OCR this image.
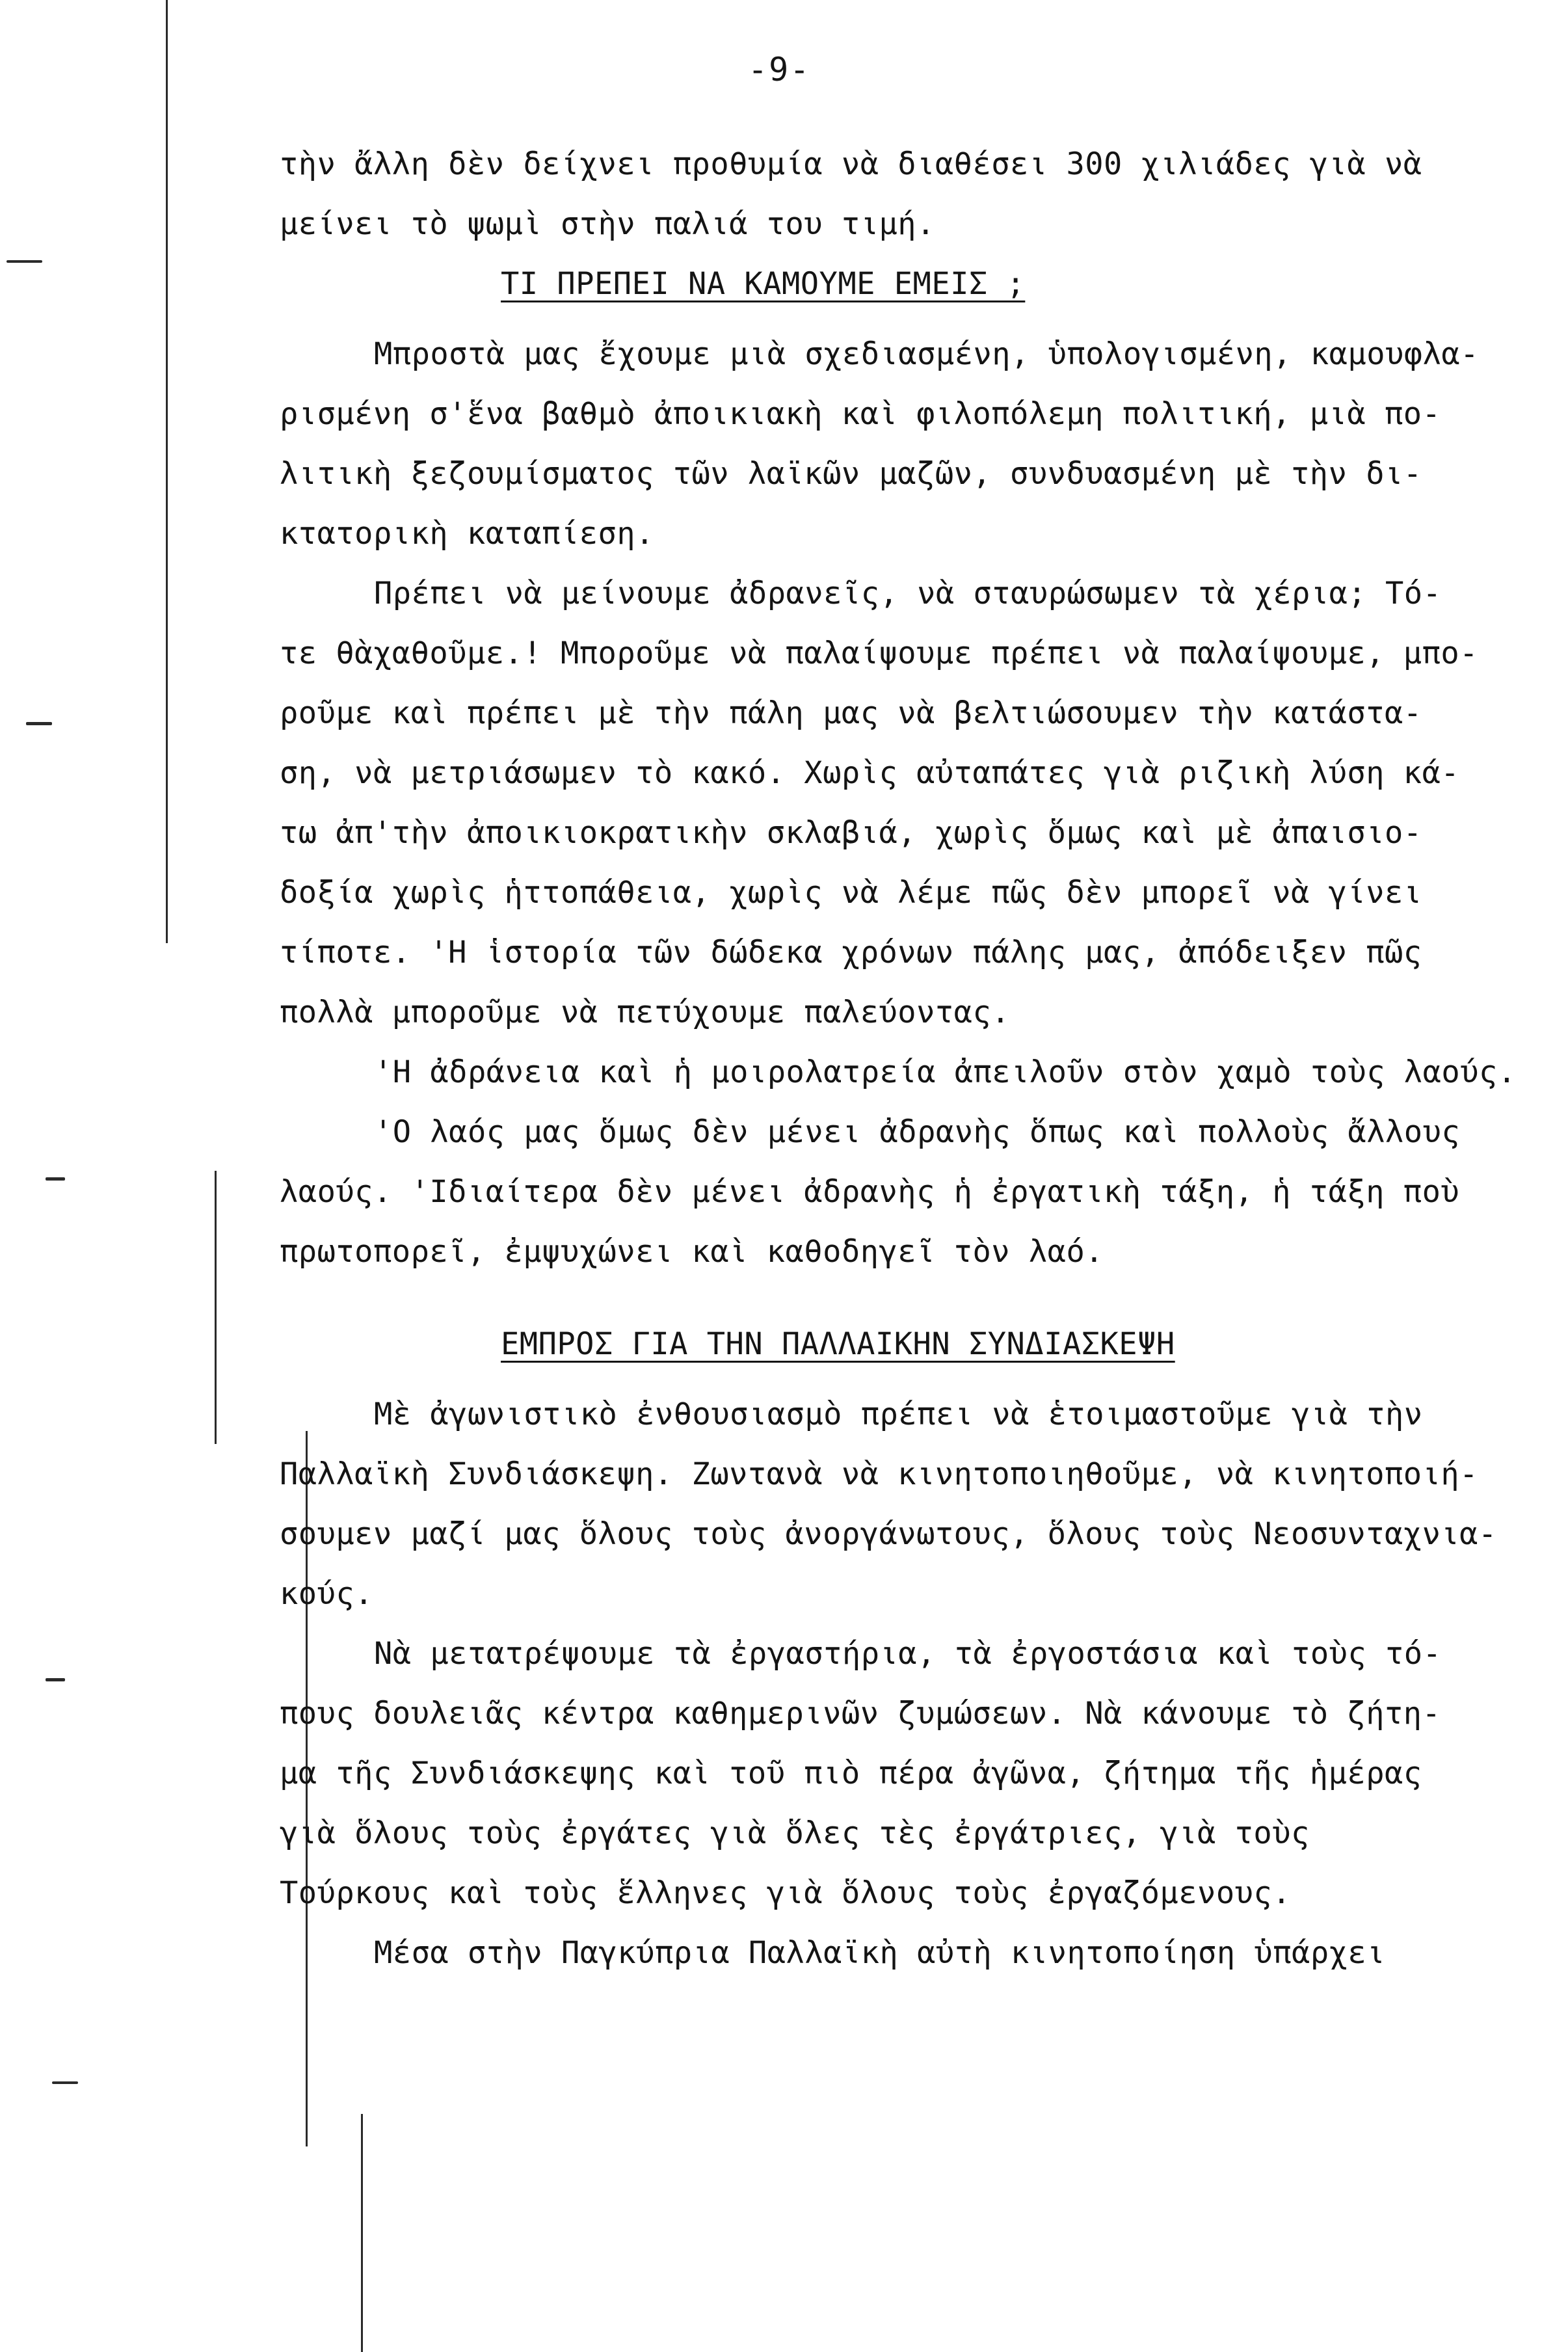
-9-
τὴν ἄλλη δὲν δείχνει προθυμία νὰ διαθέσει 300 χιλιάδες γιὰ νὰ
μείνει τὸ ψωμὶ στὴν παλιά του τιμή.
ΤΙ ΠΡΕΠΕΙ ΝΑ ΚΑΜΟΥΜΕ ΕΜΕΙΣ ;
Μπροστὰ μας ἔχουμε μιὰ σχεδιασμένη, ὑπολογισμένη, καμουφλα-
ρισμένη σ'ἕνα βαθμὸ ἀποικιακὴ καὶ φιλοπόλεμη πολιτική, μιὰ πο-
λιτικὴ ξεζουμίσματος τῶν λαϊκῶν μαζῶν, συνδυασμένη μὲ τὴν δι-
κτατορικὴ καταπίεση.
Πρέπει νὰ μείνουμε ἀδρανεῖς, νὰ σταυρώσωμεν τὰ χέρια; Τό-
τε θὰχαθοῦμε.! Μποροῦμε νὰ παλαίψουμε πρέπει νὰ παλαίψουμε, μπο-
ροῦμε καὶ πρέπει μὲ τὴν πάλη μας νὰ βελτιώσουμεν τὴν κατάστα-
ση, νὰ μετριάσωμεν τὸ κακό. Χωρὶς αὐταπάτες γιὰ ριζικὴ λύση κά-
τω ἀπ'τὴν ἀποικιοκρατικὴν σκλαβιά, χωρὶς ὅμως καὶ μὲ ἀπαισιο-
δοξία χωρὶς ἡττοπάθεια, χωρὶς νὰ λέμε πῶς δὲν μπορεῖ νὰ γίνει
τίποτε. 'Η ἱστορία τῶν δώδεκα χρόνων πάλης μας, ἀπόδειξεν πῶς
πολλὰ μποροῦμε νὰ πετύχουμε παλεύοντας.
'Η ἀδράνεια καὶ ἡ μοιρολατρεία ἀπειλοῦν στὸν χαμὸ τοὺς λαούς.
'Ο λαός μας ὅμως δὲν μένει ἀδρανὴς ὅπως καὶ πολλοὺς ἄλλους
λαούς. 'Ιδιαίτερα δὲν μένει ἀδρανὴς ἡ ἐργατικὴ τάξη, ἡ τάξη ποὺ
πρωτοπορεῖ, ἐμψυχώνει καὶ καθοδηγεῖ τὸν λαό.
ΕΜΠΡΟΣ ΓΙΑ ΤΗΝ ΠΑΛΛΑΙΚΗΝ ΣΥΝΔΙΑΣΚΕΨΗ
Μὲ ἀγωνιστικὸ ἐνθουσιασμὸ πρέπει νὰ ἑτοιμαστοῦμε γιὰ τὴν
Παλλαϊκὴ Συνδιάσκεψη. Ζωντανὰ νὰ κινητοποιηθοῦμε, νὰ κινητοποιή-
σουμεν μαζί μας ὅλους τοὺς ἀνοργάνωτους, ὅλους τοὺς Νεοσυνταχνια-
κούς.
Νὰ μετατρέψουμε τὰ ἐργαστήρια, τὰ ἐργοστάσια καὶ τοὺς τό-
πους δουλειᾶς κέντρα καθημερινῶν ζυμώσεων. Νὰ κάνουμε τὸ ζήτη-
μα τῆς Συνδιάσκεψης καὶ τοῦ πιὸ πέρα ἀγῶνα, ζήτημα τῆς ἡμέρας
γιὰ ὅλους τοὺς ἐργάτες γιὰ ὅλες τὲς ἐργάτριες, γιὰ τοὺς
Τούρκους καὶ τοὺς ἕλληνες γιὰ ὅλους τοὺς ἐργαζόμενους.
Μέσα στὴν Παγκύπρια Παλλαϊκὴ αὐτὴ κινητοποίηση ὑπάρχει
